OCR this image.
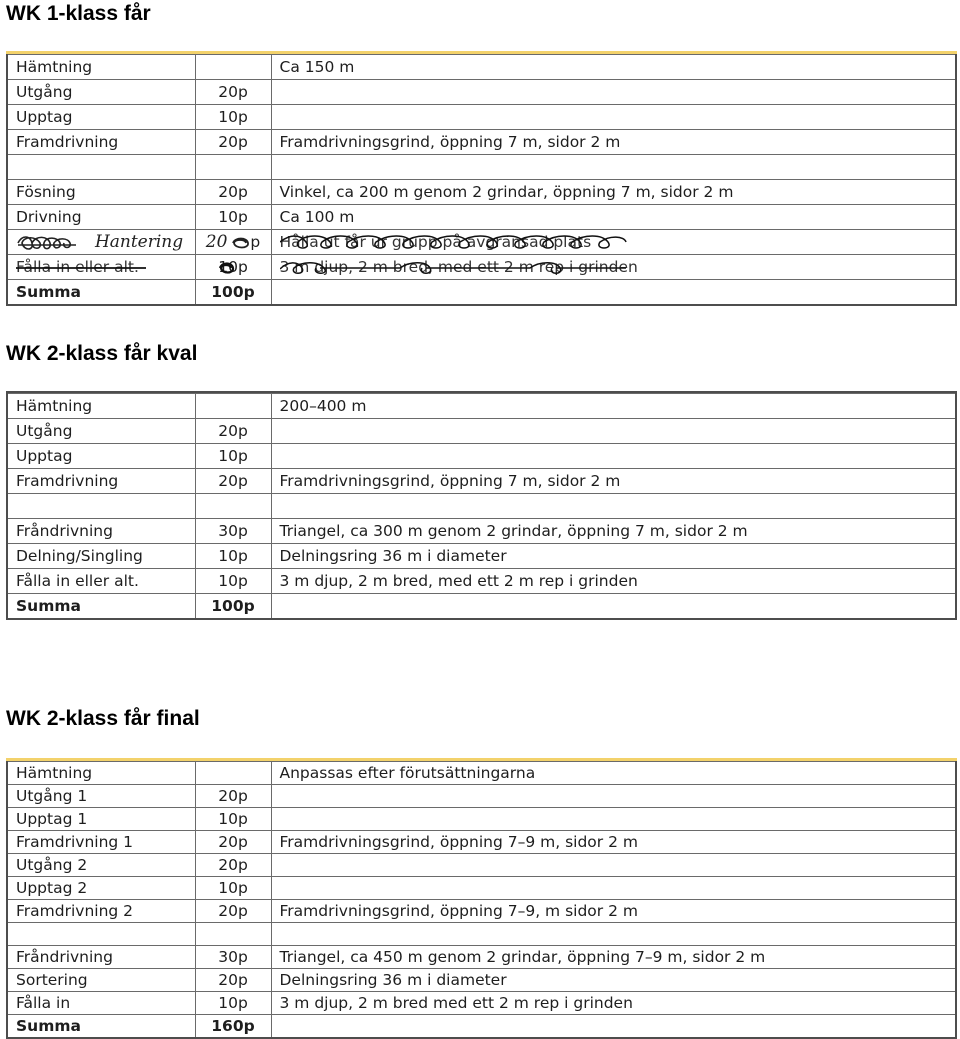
WK 1-klass får
Hämtning		Ca 150 m
Utgång	20p	
Upptag	10p	
Framdrivning	20p	Framdrivningsgrind, öppning 7 m, sidor 2 m

Fösning	20p	Vinkel, ca 200 m genom 2 grindar, öppning 7 m, sidor 2 m
Drivning	10p	Ca 100 m

Hantering	20 p	Hålla ut får ur grupp på avgränsad plats

Fålla in eller alt.	10p	3 m djup, 2 m bred, med ett 2 m rep i grinden

Summa	100p	
WK 2-klass får kval
Hämtning		200–400 m
Utgång	20p	
Upptag	10p	
Framdrivning	20p	Framdrivningsgrind, öppning 7 m, sidor 2 m

Fråndrivning	30p	Triangel, ca 300 m genom 2 grindar, öppning 7 m, sidor 2 m
Delning/Singling	10p	Delningsring 36 m i diameter
Fålla in eller alt.	10p	3 m djup, 2 m bred, med ett 2 m rep i grinden
Summa	100p	
WK 2-klass får final
Hämtning		Anpassas efter förutsättningarna
Utgång 1	20p	
Upptag 1	10p	
Framdrivning 1	20p	Framdrivningsgrind, öppning 7–9 m, sidor 2 m
Utgång 2	20p	
Upptag 2	10p	
Framdrivning 2	20p	Framdrivningsgrind, öppning 7–9, m sidor 2 m

Fråndrivning	30p	Triangel, ca 450 m genom 2 grindar, öppning 7–9 m, sidor 2 m
Sortering	20p	Delningsring 36 m i diameter
Fålla in	10p	3 m djup, 2 m bred med ett 2 m rep i grinden
Summa	160p	
